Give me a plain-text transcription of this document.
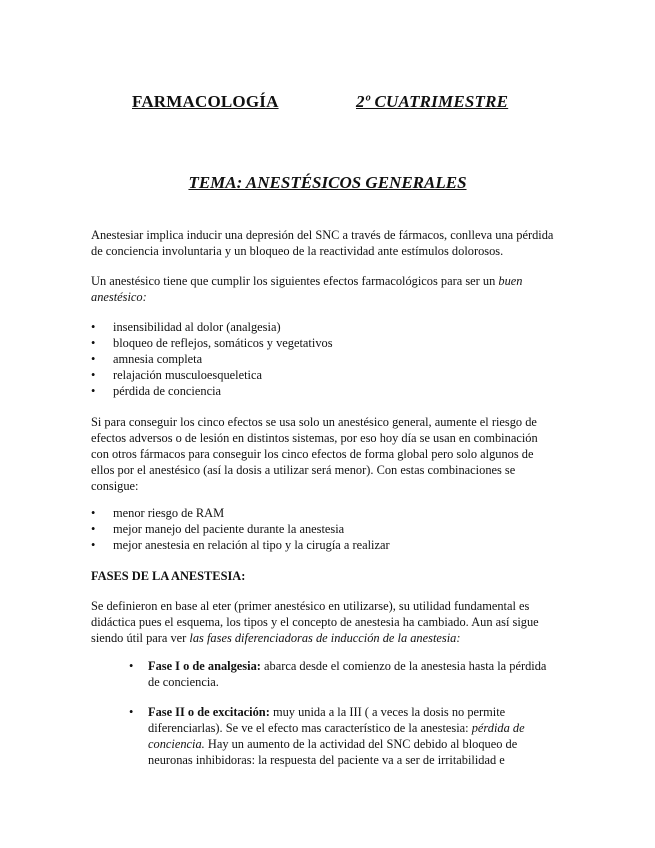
FARMACOLOGÍA	2º CUATRIMESTRE
TEMA: ANESTÉSICOS GENERALES
Anestesiar implica inducir una depresión del SNC a través de fármacos, conlleva una pérdida
de conciencia involuntaria y un bloqueo de la reactividad ante estímulos dolorosos.
Un anestésico tiene que cumplir los siguientes efectos farmacológicos para ser un buen
anestésico:
• insensibilidad al dolor (analgesia)
• bloqueo de reflejos, somáticos y vegetativos
• amnesia completa
• relajación musculoesqueletica
• pérdida de conciencia
Si para conseguir los cinco efectos se usa solo un anestésico general, aumente el riesgo de
efectos adversos o de lesión en distintos sistemas, por eso hoy día se usan en combinación
con otros fármacos para conseguir los cinco efectos de forma global pero solo algunos de
ellos por el anestésico (así la dosis a utilizar será menor). Con estas combinaciones se
consigue:
• menor riesgo de RAM
• mejor manejo del paciente durante la anestesia
• mejor anestesia en relación al tipo y la cirugía a realizar
FASES DE LA ANESTESIA:
Se definieron en base al eter (primer anestésico en utilizarse), su utilidad fundamental es
didáctica pues el esquema, los tipos y el concepto de anestesia ha cambiado. Aun así sigue
siendo útil para ver las fases diferenciadoras de inducción de la anestesia:
• Fase I o de analgesia: abarca desde el comienzo de la anestesia hasta la pérdida
de conciencia.
• Fase II o de excitación: muy unida a la III ( a veces la dosis no permite
diferenciarlas). Se ve el efecto mas característico de la anestesia: pérdida de
conciencia. Hay un aumento de la actividad del SNC debido al bloqueo de
neuronas inhibidoras: la respuesta del paciente va a ser de irritabilidad e
